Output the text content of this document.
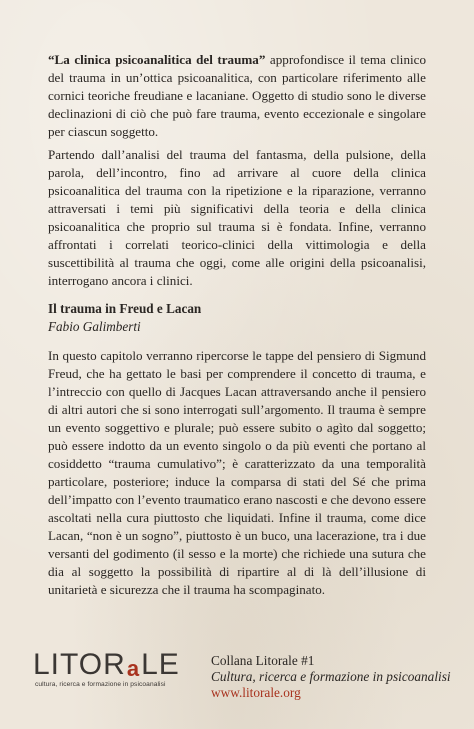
“La clinica psicoanalitica del trauma” approfondisce il tema clinico del trauma in un’ottica psicoanalitica, con particolare riferimento alle cornici teoriche freudiane e lacaniane. Oggetto di studio sono le diverse declinazioni di ciò che può fare trauma, evento eccezionale e singolare per ciascun soggetto.

Partendo dall’analisi del trauma del fantasma, della pulsione, della parola, dell’incontro, fino ad arrivare al cuore della clinica psicoanalitica del trauma con la ripetizione e la riparazione, verranno attraversati i temi più significativi della teoria e della clinica psicoanalitica che proprio sul trauma si è fondata. Infine, verranno affrontati i correlati teorico-clinici della vittimologia e della suscettibilità al trauma che oggi, come alle origini della psicoanalisi, interrogano ancora i clinici.

Il trauma in Freud e Lacan
Fabio Galimberti

In questo capitolo verranno ripercorse le tappe del pensiero di Sigmund Freud, che ha gettato le basi per comprendere il concetto di trauma, e l’intreccio con quello di Jacques Lacan attraversando anche il pensiero di altri autori che si sono interrogati sull’argomento. Il trauma è sempre un evento soggettivo e plurale; può essere subito o agìto dal soggetto; può essere indotto da un evento singolo o da più eventi che portano al cosiddetto “trauma cumulativo”; è caratterizzato da una temporalità particolare, posteriore; induce la comparsa di stati del Sé che prima dell’impatto con l’evento traumatico erano nascosti e che devono essere ascoltati nella cura piuttosto che liquidati. Infine il trauma, come dice Lacan, “non è un sogno”, piuttosto è un buco, una lacerazione, tra i due versanti del godimento (il sesso e la morte) che richiede una sutura che dia al soggetto la possibilità di ripartire al di là dell’illusione di unitarietà e sicurezza che il trauma ha scompaginato.

LITOR a LE
cultura, ricerca e formazione in psicoanalisi
Collana Litorale #1
Cultura, ricerca e formazione in psicoanalisi
www.litorale.org
